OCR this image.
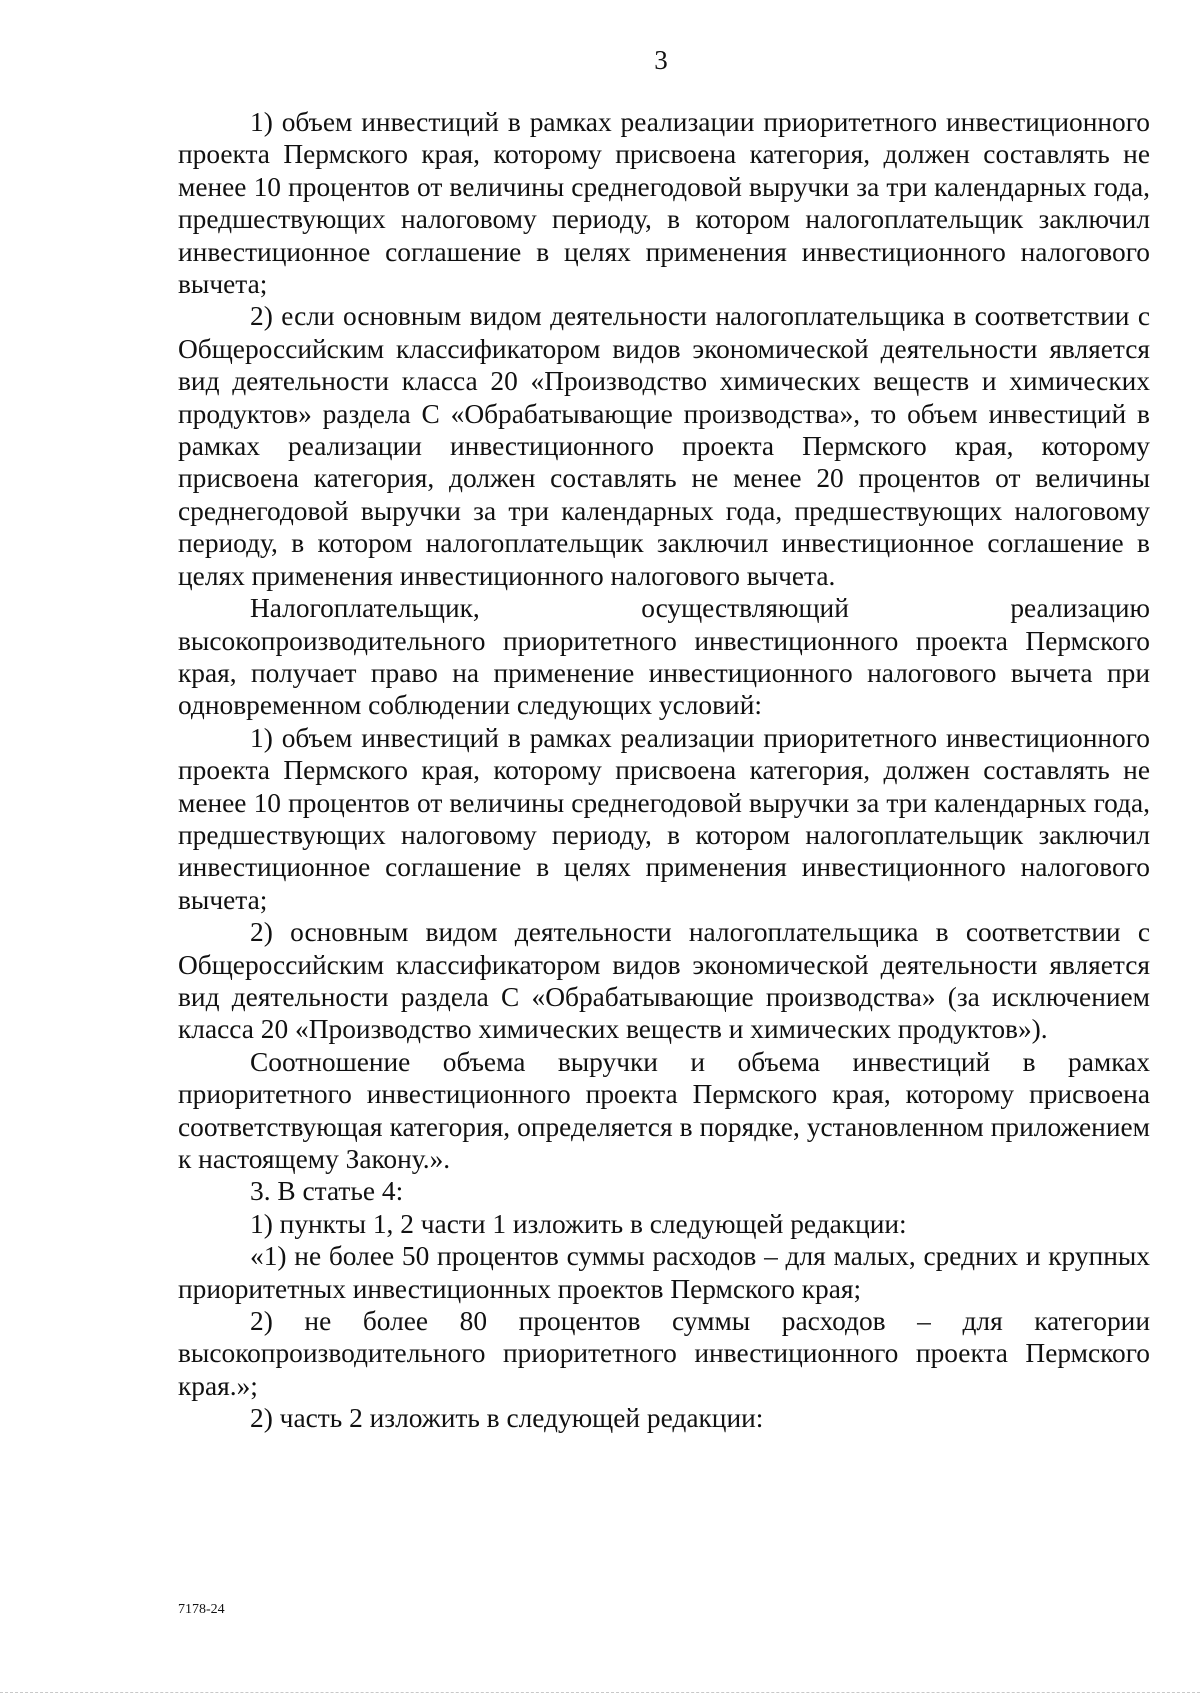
3

1) объем инвестиций в рамках реализации приоритетного инвестиционного проекта Пермского края, которому присвоена категория, должен составлять не менее 10 процентов от величины среднегодовой выручки за три календарных года, предшествующих налоговому периоду, в котором налогоплательщик заключил инвестиционное соглашение в целях применения инвестиционного налогового вычета;

2) если основным видом деятельности налогоплательщика в соответствии с Общероссийским классификатором видов экономической деятельности является вид деятельности класса 20 «Производство химических веществ и химических продуктов» раздела С «Обрабатывающие производства», то объем инвестиций в рамках реализации инвестиционного проекта Пермского края, которому присвоена категория, должен составлять не менее 20 процентов от величины среднегодовой выручки за три календарных года, предшествующих налоговому периоду, в котором налогоплательщик заключил инвестиционное соглашение в целях применения инвестиционного налогового вычета.

Налогоплательщик, осуществляющий реализацию высокопроизводительного приоритетного инвестиционного проекта Пермского края, получает право на применение инвестиционного налогового вычета при одновременном соблюдении следующих условий:

1) объем инвестиций в рамках реализации приоритетного инвестиционного проекта Пермского края, которому присвоена категория, должен составлять не менее 10 процентов от величины среднегодовой выручки за три календарных года, предшествующих налоговому периоду, в котором налогоплательщик заключил инвестиционное соглашение в целях применения инвестиционного налогового вычета;

2) основным видом деятельности налогоплательщика в соответствии с Общероссийским классификатором видов экономической деятельности является вид деятельности раздела С «Обрабатывающие производства» (за исключением класса 20 «Производство химических веществ и химических продуктов»).

Соотношение объема выручки и объема инвестиций в рамках приоритетного инвестиционного проекта Пермского края, которому присвоена соответствующая категория, определяется в порядке, установленном приложением к настоящему Закону.».

3. В статье 4:

1) пункты 1, 2 части 1 изложить в следующей редакции:

«1) не более 50 процентов суммы расходов – для малых, средних и крупных приоритетных инвестиционных проектов Пермского края;

2) не более 80 процентов суммы расходов – для категории высокопроизводительного приоритетного инвестиционного проекта Пермского края.»;

2) часть 2 изложить в следующей редакции:

7178-24
